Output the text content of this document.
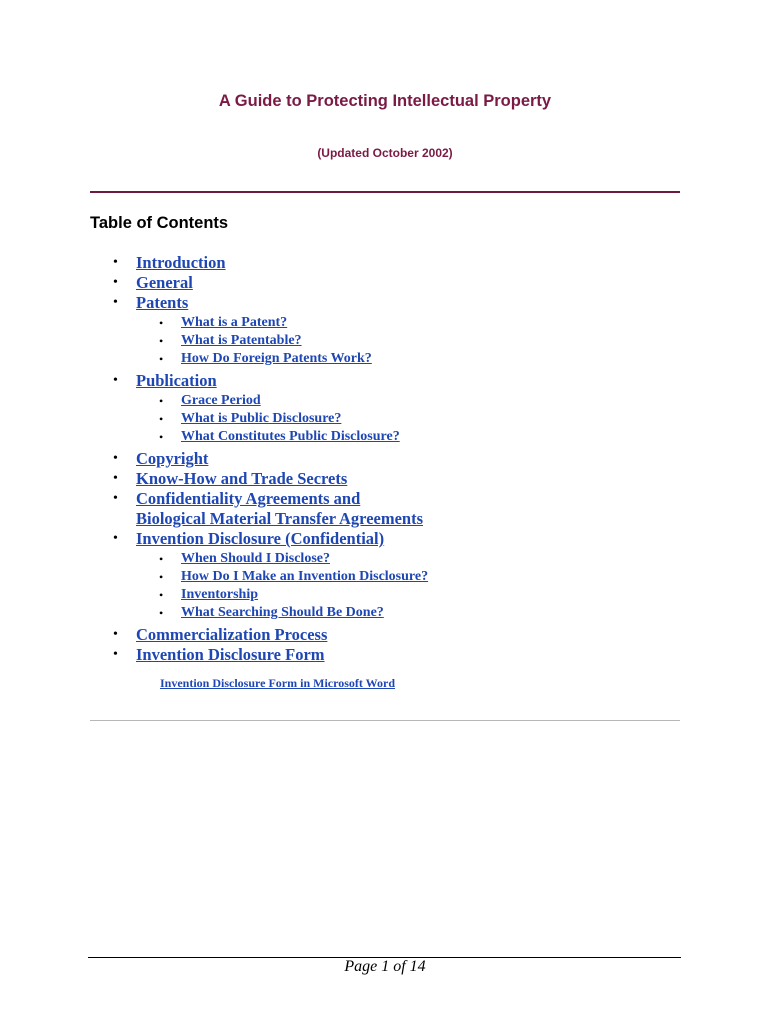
A Guide to Protecting Intellectual Property
(Updated October 2002)
Table of Contents
• Introduction
• General
• Patents
• What is a Patent?
• What is Patentable?
• How Do Foreign Patents Work?
• Publication
• Grace Period
• What is Public Disclosure?
• What Constitutes Public Disclosure?
• Copyright
• Know-How and Trade Secrets
• Confidentiality Agreements and
Biological Material Transfer Agreements
• Invention Disclosure (Confidential)
• When Should I Disclose?
• How Do I Make an Invention Disclosure?
• Inventorship
• What Searching Should Be Done?
• Commercialization Process
• Invention Disclosure Form
Invention Disclosure Form in Microsoft Word
Page 1 of 14
